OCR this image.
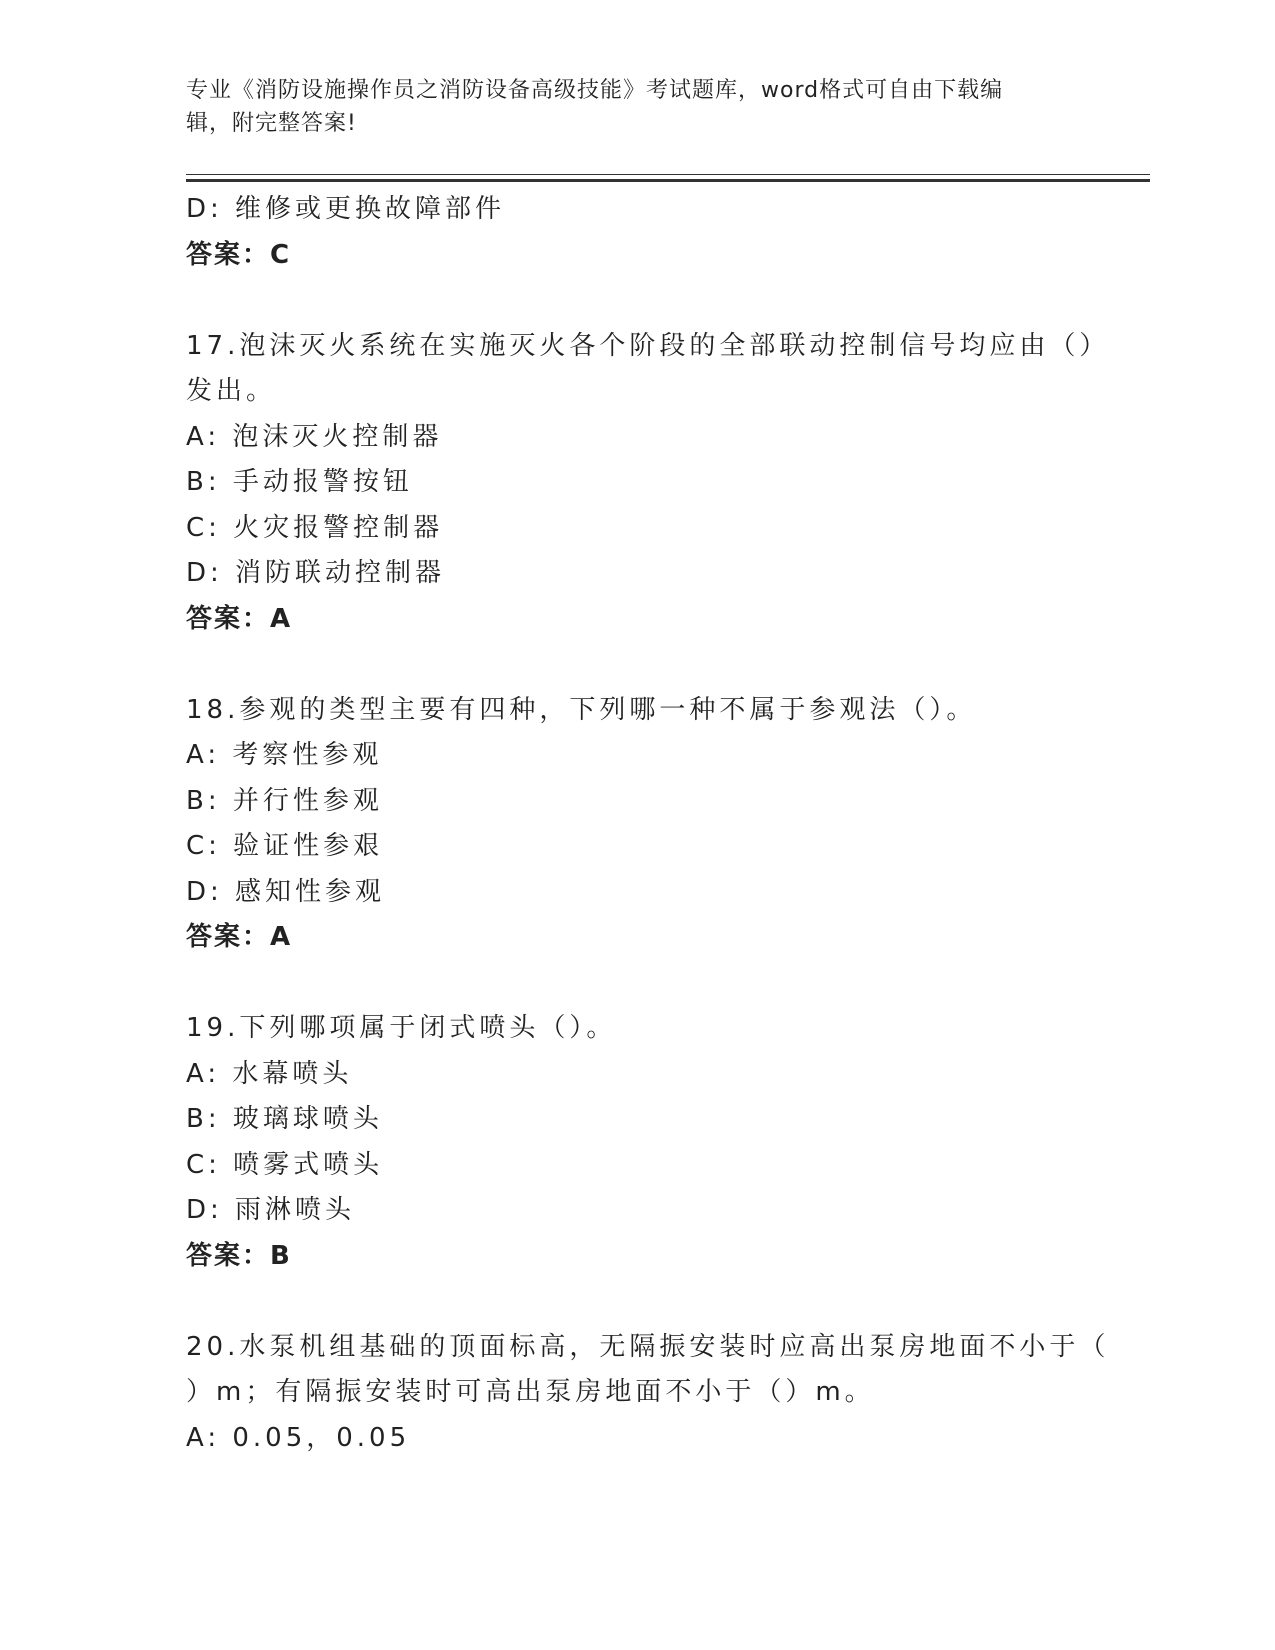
专业《消防设施操作员之消防设备高级技能》考试题库，word格式可自由下载编
辑，附完整答案!
D: 维修或更换故障部件
答案：C
17.泡沫灭火系统在实施灭火各个阶段的全部联动控制信号均应由（）
发出。
A: 泡沫灭火控制器
B: 手动报警按钮
C: 火灾报警控制器
D: 消防联动控制器
答案：A
18.参观的类型主要有四种，下列哪一种不属于参观法（）。
A: 考察性参观
B: 并行性参观
C: 验证性参艰
D: 感知性参观
答案：A
19.下列哪项属于闭式喷头（）。
A: 水幕喷头
B: 玻璃球喷头
C: 喷雾式喷头
D: 雨淋喷头
答案：B
20.水泵机组基础的顶面标高，无隔振安装时应高出泵房地面不小于（
）m；有隔振安装时可高出泵房地面不小于（）m。
A: 0.05，0.05
